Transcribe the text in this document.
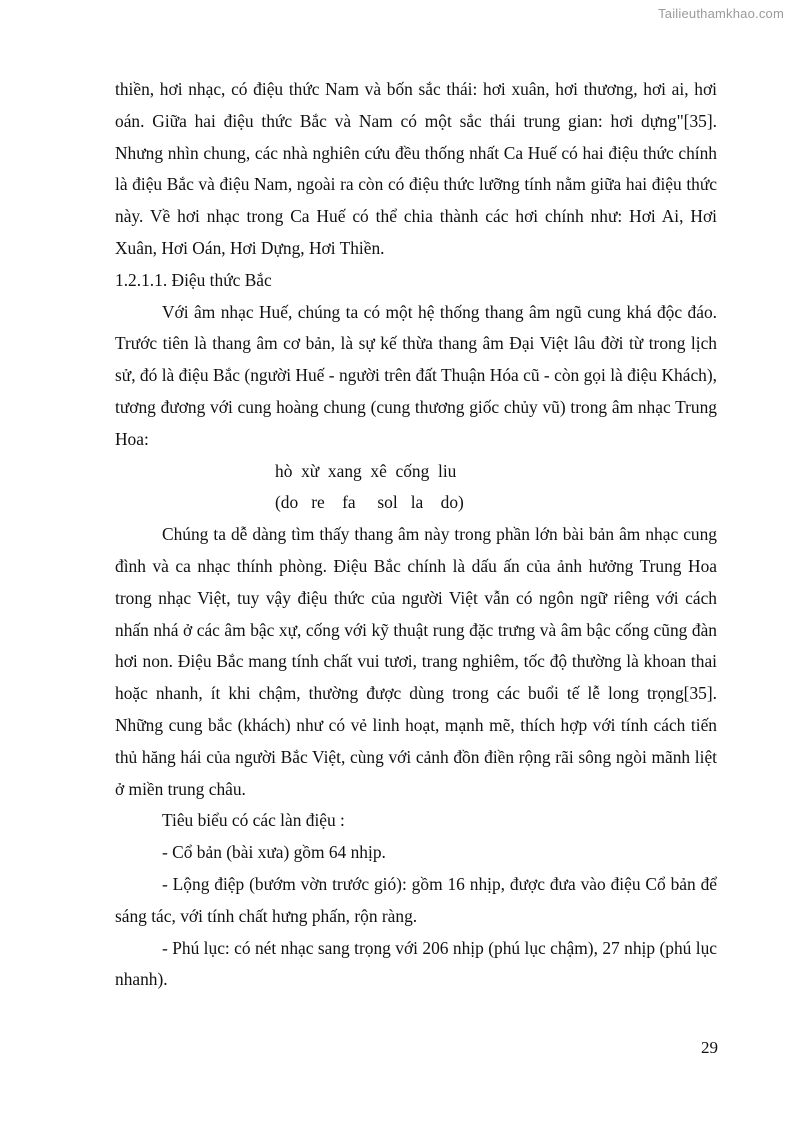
Tailieuthamkhao.com

thiền, hơi nhạc, có điệu thức Nam và bốn sắc thái: hơi xuân, hơi thương, hơi ai, hơi oán. Giữa hai điệu thức Bắc và Nam có một sắc thái trung gian: hơi dựng"[35]. Nhưng nhìn chung, các nhà nghiên cứu đều thống nhất Ca Huế có hai điệu thức chính là điệu Bắc và điệu Nam, ngoài ra còn có điệu thức lưỡng tính nằm giữa hai điệu thức này. Về hơi nhạc trong Ca Huế có thể chia thành các hơi chính như: Hơi Ai, Hơi Xuân, Hơi Oán, Hơi Dựng, Hơi Thiền.

1.2.1.1. Điệu thức Bắc

Với âm nhạc Huế, chúng ta có một hệ thống thang âm ngũ cung khá độc đáo. Trước tiên là thang âm cơ bản, là sự kế thừa thang âm Đại Việt lâu đời từ trong lịch sử, đó là điệu Bắc (người Huế - người trên đất Thuận Hóa cũ - còn gọi là điệu Khách), tương đương với cung hoàng chung (cung thương giốc chủy vũ) trong âm nhạc Trung Hoa:

hò  xừ  xang  xê  cống  liu

(do   re    fa     sol   la    do)

Chúng ta dễ dàng tìm thấy thang âm này trong phần lớn bài bản âm nhạc cung đình và ca nhạc thính phòng. Điệu Bắc chính là dấu ấn của ảnh hưởng Trung Hoa trong nhạc Việt, tuy vậy điệu thức của người Việt vẫn có ngôn ngữ riêng với cách nhấn nhá ở các âm bậc xự, cống với kỹ thuật rung đặc trưng và âm bậc cống cũng đàn hơi non. Điệu Bắc mang tính chất vui tươi, trang nghiêm, tốc độ thường là khoan thai hoặc nhanh, ít khi chậm, thường được dùng trong các buổi tế lễ long trọng[35]. Những cung bắc (khách) như có vẻ linh hoạt, mạnh mẽ, thích hợp với tính cách tiến thủ hăng hái của người Bắc Việt, cùng với cảnh đồn điền rộng rãi sông ngòi mãnh liệt ở miền trung châu.

Tiêu biểu có các làn điệu :

- Cổ bản (bài xưa) gồm 64 nhịp.

- Lộng điệp (bướm vờn trước gió): gồm 16 nhịp, được đưa vào điệu Cổ bản để sáng tác, với tính chất hưng phấn, rộn ràng.

- Phú lục: có nét nhạc sang trọng với 206 nhịp (phú lục chậm), 27 nhịp (phú lục nhanh).

29
